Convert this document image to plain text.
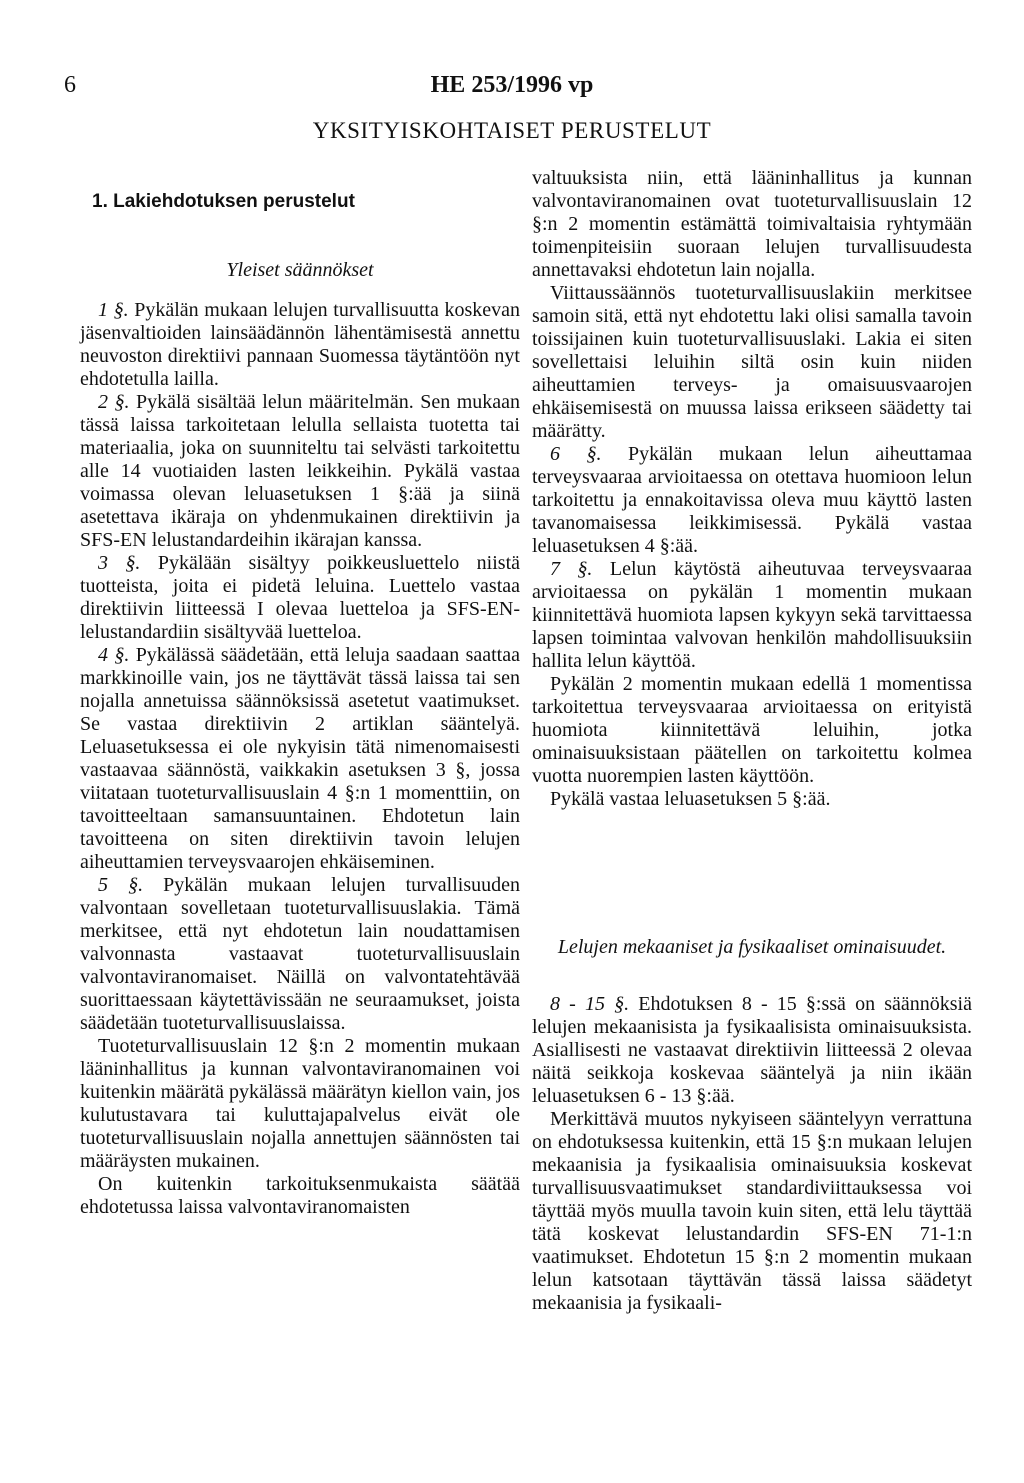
6	HE 253/1996 vp
YKSITYISKOHTAISET PERUSTELUT
1. Lakiehdotuksen perustelut
Yleiset säännökset

1 §. Pykälän mukaan lelujen turvallisuutta koskevan jäsenvaltioiden lainsäädännön lähentämisestä annettu neuvoston direktiivi pannaan Suomessa täytäntöön nyt ehdotetulla lailla.

2 §. Pykälä sisältää lelun määritelmän. Sen mukaan tässä laissa tarkoitetaan lelulla sellaista tuotetta tai materiaalia, joka on suunniteltu tai selvästi tarkoitettu alle 14 vuotiaiden lasten leikkeihin. Pykälä vastaa voimassa olevan leluasetuksen 1 §:ää ja siinä asetettava ikäraja on yhdenmukainen direktiivin ja SFS-EN lelustandardeihin ikärajan kanssa.

3 §. Pykälään sisältyy poikkeusluettelo niistä tuotteista, joita ei pidetä leluina. Luettelo vastaa direktiivin liitteessä I olevaa luetteloa ja SFS-EN-lelustandardiin sisältyvää luetteloa.

4 §. Pykälässä säädetään, että leluja saadaan saattaa markkinoille vain, jos ne täyttävät tässä laissa tai sen nojalla annetuissa säännöksissä asetetut vaatimukset. Se vastaa direktiivin 2 artiklan sääntelyä. Leluasetuksessa ei ole nykyisin tätä nimenomaisesti vastaavaa säännöstä, vaikkakin asetuksen 3 §, jossa viitataan tuoteturvallisuuslain 4 §:n 1 momenttiin, on tavoitteeltaan samansuuntainen. Ehdotetun lain tavoitteena on siten direktiivin tavoin lelujen aiheuttamien terveysvaarojen ehkäiseminen.

5 §. Pykälän mukaan lelujen turvallisuuden valvontaan sovelletaan tuoteturvallisuuslakia. Tämä merkitsee, että nyt ehdotetun lain noudattamisen valvonnasta vastaavat tuoteturvallisuuslain valvontaviranomaiset. Näillä on valvontatehtävää suorittaessaan käytettävissään ne seuraamukset, joista säädetään tuoteturvallisuuslaissa.

Tuoteturvallisuuslain 12 §:n 2 momentin mukaan lääninhallitus ja kunnan valvontaviranomainen voi kuitenkin määrätä pykälässä määrätyn kiellon vain, jos kulutustavara tai kuluttajapalvelus eivät ole tuoteturvallisuuslain nojalla annettujen säännösten tai määräysten mukainen.

On kuitenkin tarkoituksenmukaista säätää ehdotetussa laissa valvontaviranomaisten

valtuuksista niin, että lääninhallitus ja kunnan valvontaviranomainen ovat tuoteturvallisuuslain 12 §:n 2 momentin estämättä toimivaltaisia ryhtymään toimenpiteisiin suoraan lelujen turvallisuudesta annettavaksi ehdotetun lain nojalla.

Viittaussäännös tuoteturvallisuuslakiin merkitsee samoin sitä, että nyt ehdotettu laki olisi samalla tavoin toissijainen kuin tuoteturvallisuuslaki. Lakia ei siten sovellettaisi leluihin siltä osin kuin niiden aiheuttamien terveys- ja omaisuusvaarojen ehkäisemisestä on muussa laissa erikseen säädetty tai määrätty.

6 §. Pykälän mukaan lelun aiheuttamaa terveysvaaraa arvioitaessa on otettava huomioon lelun tarkoitettu ja ennakoitavissa oleva muu käyttö lasten tavanomaisessa leikkimisessä. Pykälä vastaa leluasetuksen 4 §:ää.

7 §. Lelun käytöstä aiheutuvaa terveysvaaraa arvioitaessa on pykälän 1 momentin mukaan kiinnitettävä huomiota lapsen kykyyn sekä tarvittaessa lapsen toimintaa valvovan henkilön mahdollisuuksiin hallita lelun käyttöä.

Pykälän 2 momentin mukaan edellä 1 momentissa tarkoitettua terveysvaaraa arvioitaessa on erityistä huomiota kiinnitettävä leluihin, jotka ominaisuuksistaan päätellen on tarkoitettu kolmea vuotta nuorempien lasten käyttöön.

Pykälä vastaa leluasetuksen 5 §:ää.

Lelujen mekaaniset ja fysikaaliset ominaisuudet.

8 - 15 §. Ehdotuksen 8 - 15 §:ssä on säännöksiä lelujen mekaanisista ja fysikaalisista ominaisuuksista. Asiallisesti ne vastaavat direktiivin liitteessä 2 olevaa näitä seikkoja koskevaa sääntelyä ja niin ikään leluasetuksen 6 - 13 §:ää.

Merkittävä muutos nykyiseen sääntelyyn verrattuna on ehdotuksessa kuitenkin, että 15 §:n mukaan lelujen mekaanisia ja fysikaalisia ominaisuuksia koskevat turvallisuusvaatimukset standardiviittauksessa voi täyttää myös muulla tavoin kuin siten, että lelu täyttää tätä koskevat lelustandardin SFS-EN 71-1:n vaatimukset. Ehdotetun 15 §:n 2 momentin mukaan lelun katsotaan täyttävän tässä laissa säädetyt mekaanisia ja fysikaali-
